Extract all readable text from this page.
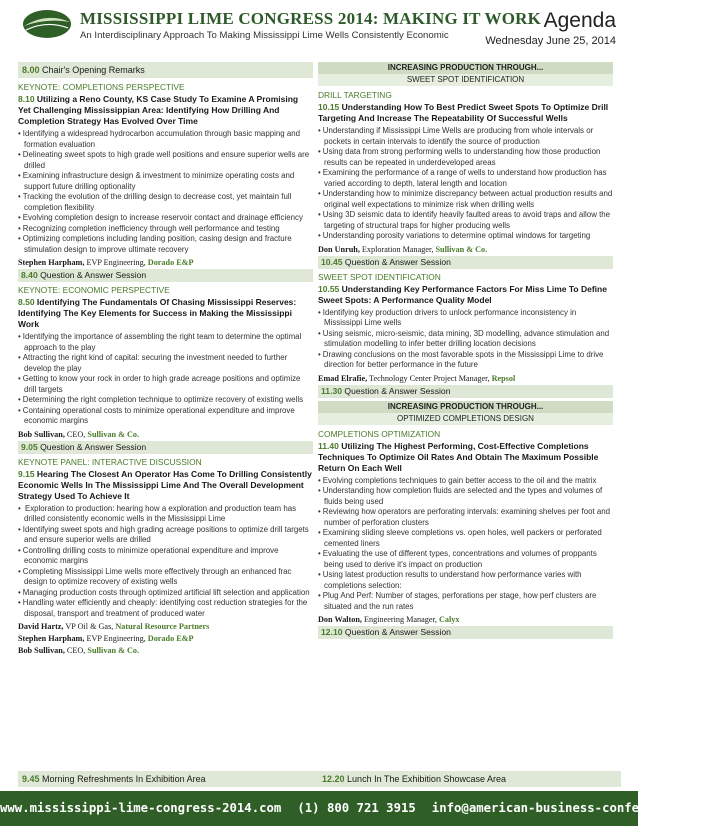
MISSISSIPPI LIME CONGRESS 2014: MAKING IT WORK
An Interdisciplinary Approach To Making Mississippi Lime Wells Consistently Economic
Agenda
Wednesday June 25, 2014
8.00 Chair's Opening Remarks
KEYNOTE: COMPLETIONS PERSPECTIVE
8.10 Utilizing a Reno County, KS Case Study To Examine A Promising Yet Challenging Mississippian Area: Identifying How Drilling And Completion Strategy Has Evolved Over Time
• Identifying a widespread hydrocarbon accumulation through basic mapping and formation evaluation
• Delineating sweet spots to high grade well positions and ensure superior wells are drilled
• Examining infrastructure design & investment to minimize operating costs and support future drilling optionality
• Tracking the evolution of the drilling design to decrease cost, yet maintain full completion flexibility
• Evolving completion design to increase reservoir contact and drainage efficiency
• Recognizing completion inefficiency through well performance and testing
• Optimizing completions including landing position, casing design and fracture stimulation design to improve ultimate recovery
Stephen Harpham, EVP Engineering, Dorado E&P
8.40 Question & Answer Session
KEYNOTE: ECONOMIC PERSPECTIVE
8.50 Identifying The Fundamentals Of Chasing Mississippi Reserves: Identifying The Key Elements for Success in Making the Mississippi Work
• Identifying the importance of assembling the right team to determine the optimal approach to the play
• Attracting the right kind of capital: securing the investment needed to further develop the play
• Getting to know your rock in order to high grade acreage positions and optimize drill targets
• Determining the right completion technique to optimize recovery of existing wells
• Containing operational costs to minimize operational expenditure and improve economic margins
Bob Sullivan, CEO, Sullivan & Co.
9.05 Question & Answer Session
KEYNOTE PANEL: INTERACTIVE DISCUSSION
9.15 Hearing The Closest An Operator Has Come To Drilling Consistently Economic Wells In The Mississippi Lime And The Overall Development Strategy Used To Achieve It
• Exploration to production: hearing how a exploration and production team has drilled consistently economic wells in the Mississippi Lime
• Identifying sweet spots and high grading acreage positions to optimize drill targets and ensure superior wells are drilled
• Controlling drilling costs to minimize operational expenditure and improve economic margins
• Completing Mississippi Lime wells more effectively through an enhanced frac design to optimize recovery of existing wells
• Managing production costs through optimized artificial lift selection and application
• Handling water efficiently and cheaply: identifying cost reduction strategies for the disposal, transport and treatment of produced water
David Hartz, VP Oil & Gas, Natural Resource Partners
Stephen Harpham, EVP Engineering, Dorado E&P
Bob Sullivan, CEO, Sullivan & Co.
INCREASING PRODUCTION THROUGH...
SWEET SPOT IDENTIFICATION
DRILL TARGETING
10.15 Understanding How To Best Predict Sweet Spots To Optimize Drill Targeting And Increase The Repeatability Of Successful Wells
• Understanding if Mississippi Lime Wells are producing from whole intervals or pockets in certain intervals to identify the source of production
• Using data from strong performing wells to understanding how those production results can be repeated in underdeveloped areas
• Examining the performance of a range of wells to understand how production has varied according to depth, lateral length and location
• Understanding how to minimize discrepancy between actual production results and original well expectations to minimize risk when drilling wells
• Using 3D seismic data to identify heavily faulted areas to avoid traps and allow the targeting of structural traps for higher producing wells
• Understanding porosity variations to determine optimal windows for targeting
Don Unruh, Exploration Manager, Sullivan & Co.
10.45 Question & Answer Session
SWEET SPOT IDENTIFICATION
10.55 Understanding Key Performance Factors For Miss Lime To Define Sweet Spots: A Performance Quality Model
• Identifying key production drivers to unlock performance inconsistency in Mississippi Lime wells
• Using seismic, micro-seismic, data mining, 3D modelling, advance stimulation and stimulation modelling to infer better drilling location decisions
• Drawing conclusions on the most favorable spots in the Mississippi Lime to drive direction for better performance in the future
Emad Elrafie, Technology Center Project Manager, Repsol
11.30 Question & Answer Session
INCREASING PRODUCTION THROUGH...
OPTIMIZED COMPLETIONS DESIGN
COMPLETIONS OPTIMIZATION
11.40 Utilizing The Highest Performing, Cost-Effective Completions Techniques To Optimize Oil Rates And Obtain The Maximum Possible Return On Each Well
• Evolving completions techniques to gain better access to the oil and the matrix
• Understanding how completion fluids are selected and the types and volumes of fluids being used
• Reviewing how operators are perforating intervals: examining shelves per foot and number of perforation clusters
• Examining sliding sleeve completions vs. open holes, well packers or perforated cemented liners
• Evaluating the use of different types, concentrations and volumes of proppants being used to derive it's impact on production
• Using latest production results to understand how performance varies with completions selection:
• Plug And Perf: Number of stages, perforations per stage, how perf clusters are situated and the run rates
Don Walton, Engineering Manager, Calyx
12.10 Question & Answer Session
9.45 Morning Refreshments In Exhibition Area	12.20 Lunch In The Exhibition Showcase Area
www.mississippi-lime-congress-2014.com (1) 800 721 3915 info@american-business-conferences.com
